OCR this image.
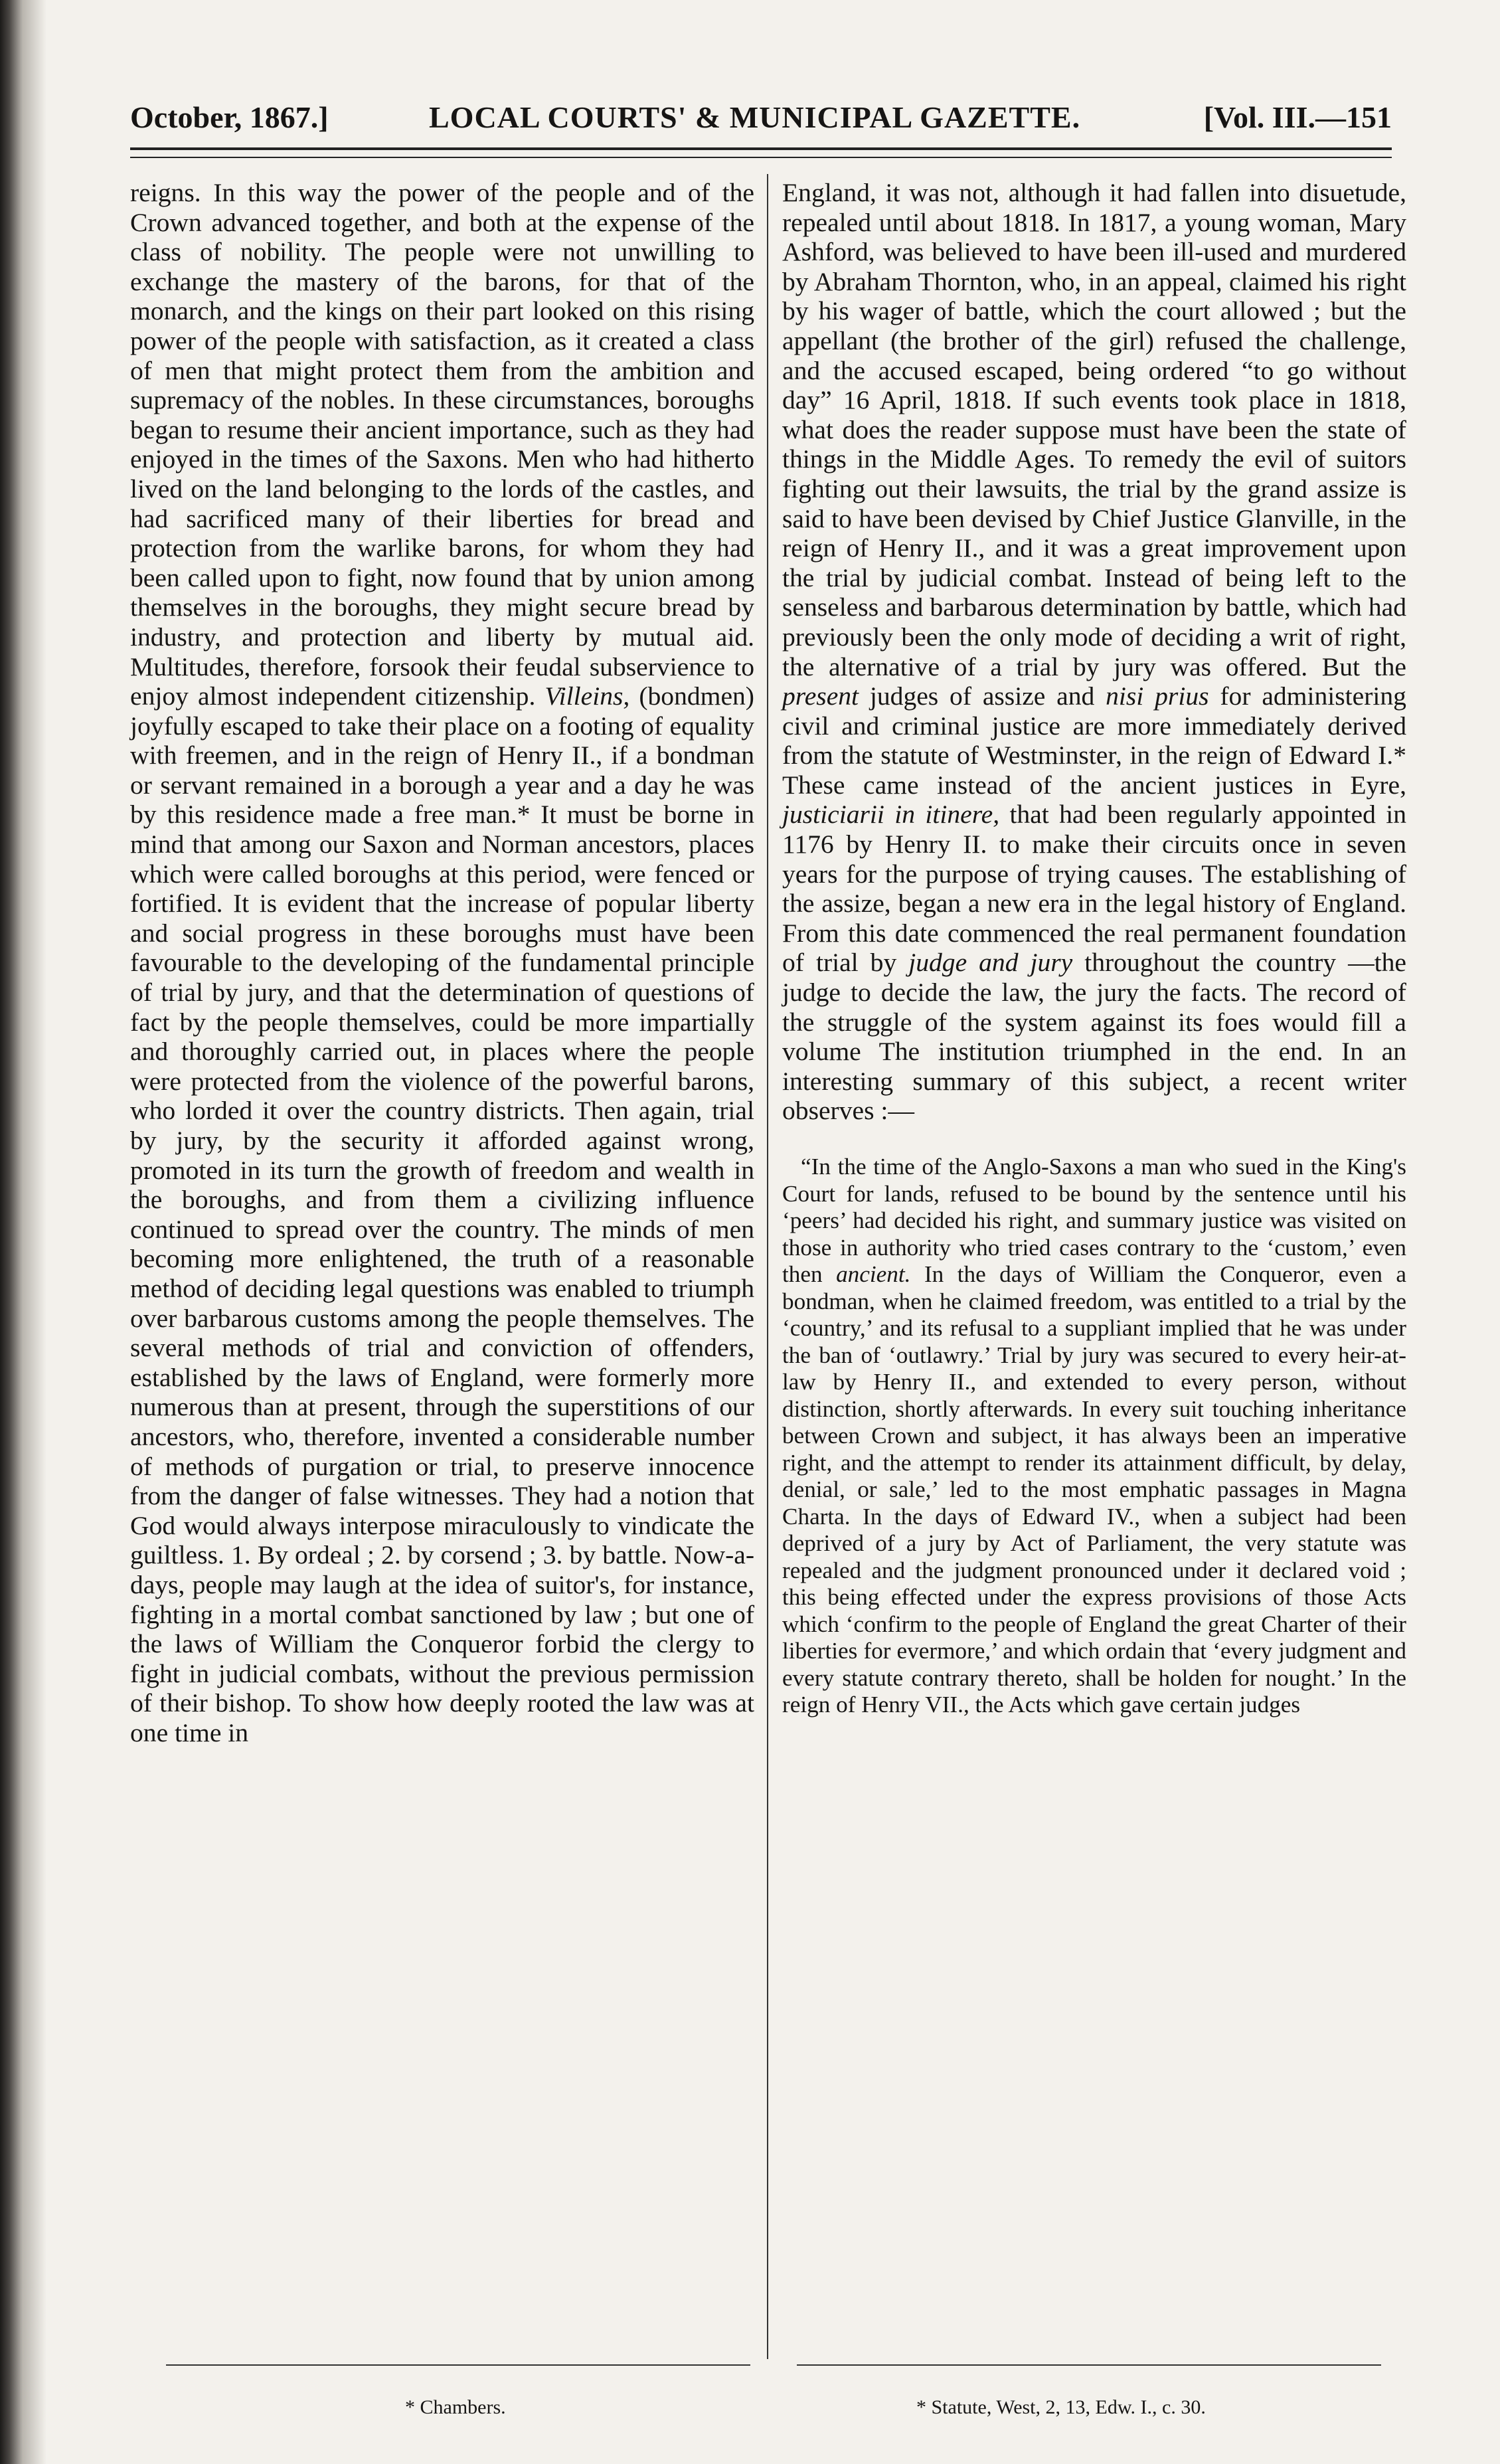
October, 1867.]	LOCAL COURTS' & MUNICIPAL GAZETTE.	[Vol. III.—151

reigns. In this way the power of the people and of the Crown advanced together, and both at the expense of the class of nobility. The people were not unwilling to exchange the mastery of the barons, for that of the monarch, and the kings on their part looked on this rising power of the people with satisfaction, as it created a class of men that might protect them from the ambition and supremacy of the nobles. In these circumstances, boroughs began to resume their ancient importance, such as they had enjoyed in the times of the Saxons. Men who had hitherto lived on the land belonging to the lords of the castles, and had sacrificed many of their liberties for bread and protection from the warlike barons, for whom they had been called upon to fight, now found that by union among themselves in the boroughs, they might secure bread by industry, and protection and liberty by mutual aid. Multitudes, therefore, forsook their feudal subservience to enjoy almost independent citizenship. Villeins, (bondmen) joyfully escaped to take their place on a footing of equality with freemen, and in the reign of Henry II., if a bondman or servant remained in a borough a year and a day he was by this residence made a free man.* It must be borne in mind that among our Saxon and Norman ancestors, places which were called boroughs at this period, were fenced or fortified. It is evident that the increase of popular liberty and social progress in these boroughs must have been favourable to the developing of the fundamental principle of trial by jury, and that the determination of questions of fact by the people themselves, could be more impartially and thoroughly carried out, in places where the people were protected from the violence of the powerful barons, who lorded it over the country districts. Then again, trial by jury, by the security it afforded against wrong, promoted in its turn the growth of freedom and wealth in the boroughs, and from them a civilizing influence continued to spread over the country. The minds of men becoming more enlightened, the truth of a reasonable method of deciding legal questions was enabled to triumph over barbarous customs among the people themselves. The several methods of trial and conviction of offenders, established by the laws of England, were formerly more numerous than at present, through the superstitions of our ancestors, who, therefore, invented a considerable number of methods of purgation or trial, to preserve innocence from the danger of false witnesses. They had a notion that God would always interpose miraculously to vindicate the guiltless. 1. By ordeal ; 2. by corsend ; 3. by battle. Now-a-days, people may laugh at the idea of suitor's, for instance, fighting in a mortal combat sanctioned by law ; but one of the laws of William the Conqueror forbid the clergy to fight in judicial combats, without the previous permission of their bishop. To show how deeply rooted the law was at one time in

England, it was not, although it had fallen into disuetude, repealed until about 1818. In 1817, a young woman, Mary Ashford, was believed to have been ill-used and murdered by Abraham Thornton, who, in an appeal, claimed his right by his wager of battle, which the court allowed ; but the appellant (the brother of the girl) refused the challenge, and the accused escaped, being ordered “to go without day” 16 April, 1818. If such events took place in 1818, what does the reader suppose must have been the state of things in the Middle Ages. To remedy the evil of suitors fighting out their lawsuits, the trial by the grand assize is said to have been devised by Chief Justice Glanville, in the reign of Henry II., and it was a great improvement upon the trial by judicial combat. Instead of being left to the senseless and barbarous determination by battle, which had previously been the only mode of deciding a writ of right, the alternative of a trial by jury was offered. But the present judges of assize and nisi prius for administering civil and criminal justice are more immediately derived from the statute of Westminster, in the reign of Edward I.* These came instead of the ancient justices in Eyre, justiciarii in itinere, that had been regularly appointed in 1176 by Henry II. to make their circuits once in seven years for the purpose of trying causes. The establishing of the assize, began a new era in the legal history of England. From this date commenced the real permanent foundation of trial by judge and jury throughout the country —the judge to decide the law, the jury the facts. The record of the struggle of the system against its foes would fill a volume The institution triumphed in the end. In an interesting summary of this subject, a recent writer observes :—

“In the time of the Anglo-Saxons a man who sued in the King's Court for lands, refused to be bound by the sentence until his ‘peers’ had decided his right, and summary justice was visited on those in authority who tried cases contrary to the ‘custom,’ even then ancient. In the days of William the Conqueror, even a bondman, when he claimed freedom, was entitled to a trial by the ‘country,’ and its refusal to a suppliant implied that he was under the ban of ‘outlawry.’ Trial by jury was secured to every heir-at-law by Henry II., and extended to every person, without distinction, shortly afterwards. In every suit touching inheritance between Crown and subject, it has always been an imperative right, and the attempt to render its attainment difficult, by delay, denial, or sale,’ led to the most emphatic passages in Magna Charta. In the days of Edward IV., when a subject had been deprived of a jury by Act of Parliament, the very statute was repealed and the judgment pronounced under it declared void ; this being effected under the express provisions of those Acts which ‘confirm to the people of England the great Charter of their liberties for evermore,’ and which ordain that ‘every judgment and every statute contrary thereto, shall be holden for nought.’ In the reign of Henry VII., the Acts which gave certain judges

* Chambers.	* Statute, West, 2, 13, Edw. I., c. 30.
